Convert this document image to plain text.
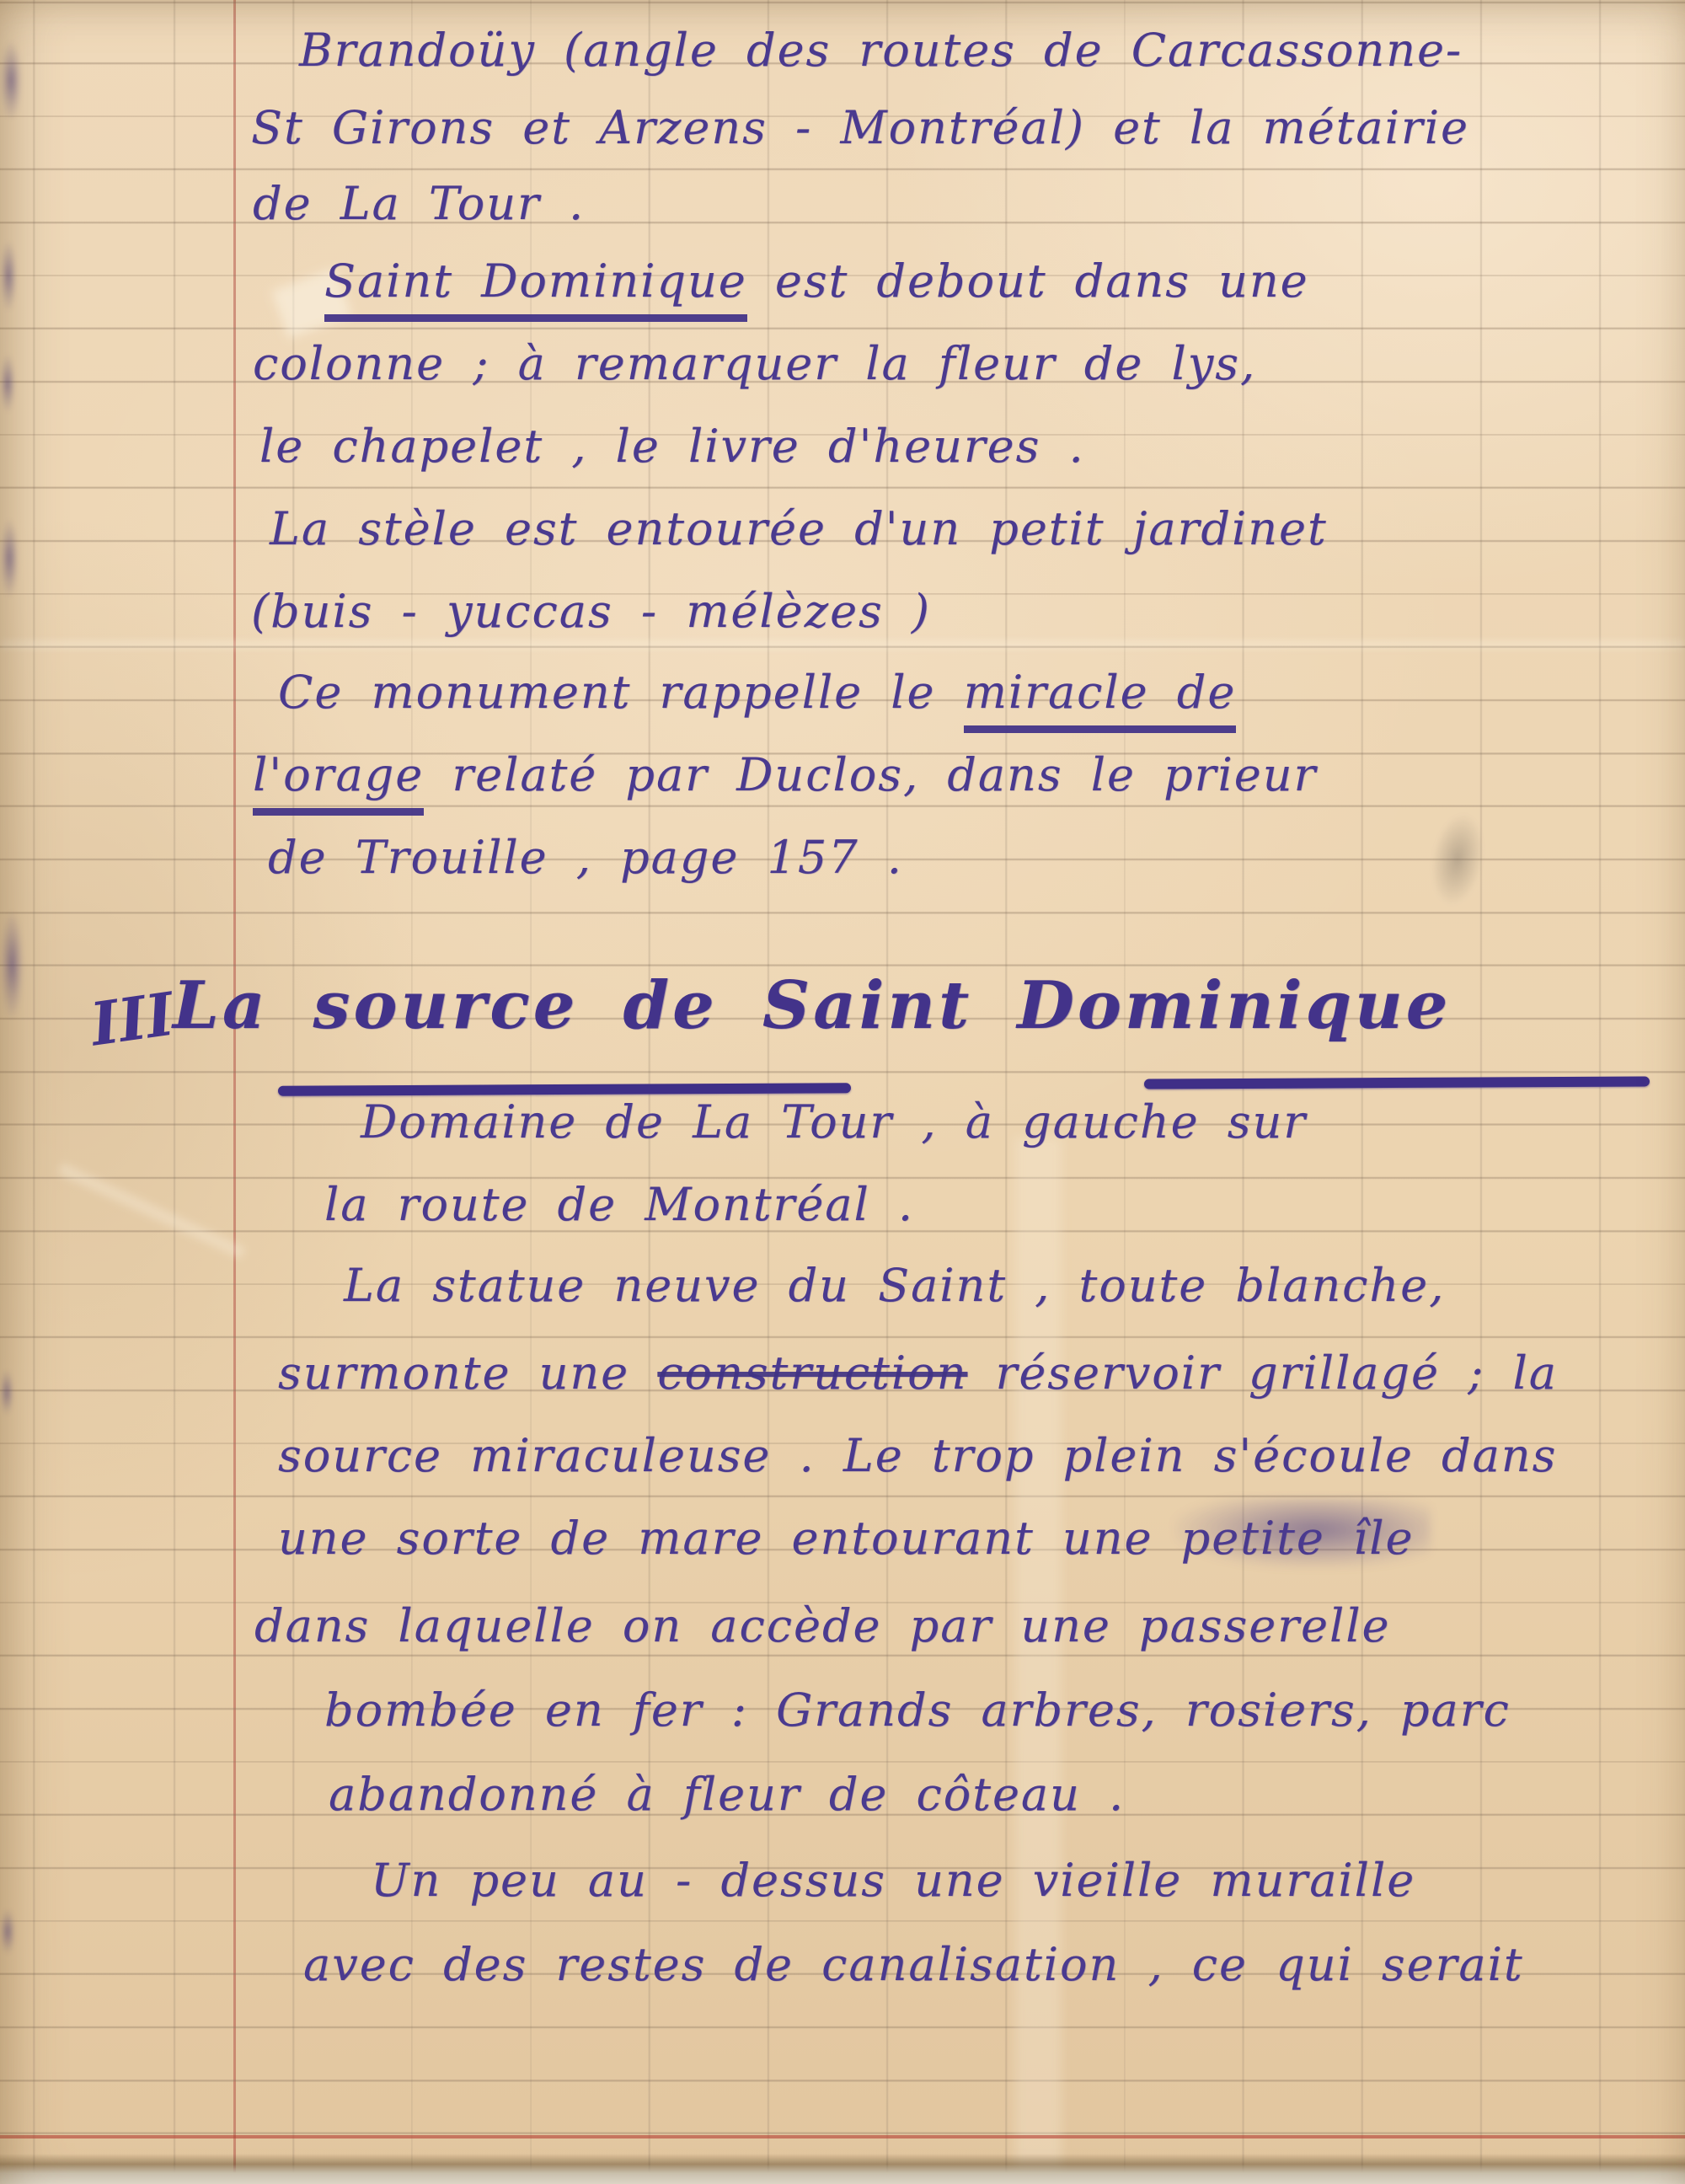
Brandoüy (angle des routes de Carcassonne-
St Girons et Arzens - Montréal) et la métairie
de La Tour .
Saint Dominique est debout dans une
colonne ; à remarquer la fleur de lys,
le chapelet , le livre d'heures .
La stèle est entourée d'un petit jardinet
(buis - yuccas - mélèzes )
Ce monument rappelle le miracle de
l'orage relaté par Duclos, dans le prieur
de Trouille , page 157 .
III
La source de Saint Dominique
Domaine de La Tour , à gauche sur
la route de Montréal .
La statue neuve du Saint , toute blanche,
surmonte une construction réservoir grillagé ; la
source miraculeuse . Le trop plein s'écoule dans
une sorte de mare entourant une petite île
dans laquelle on accède par une passerelle
bombée en fer : Grands arbres, rosiers, parc
abandonné à fleur de côteau .
Un peu au - dessus une vieille muraille
avec des restes de canalisation , ce qui serait
